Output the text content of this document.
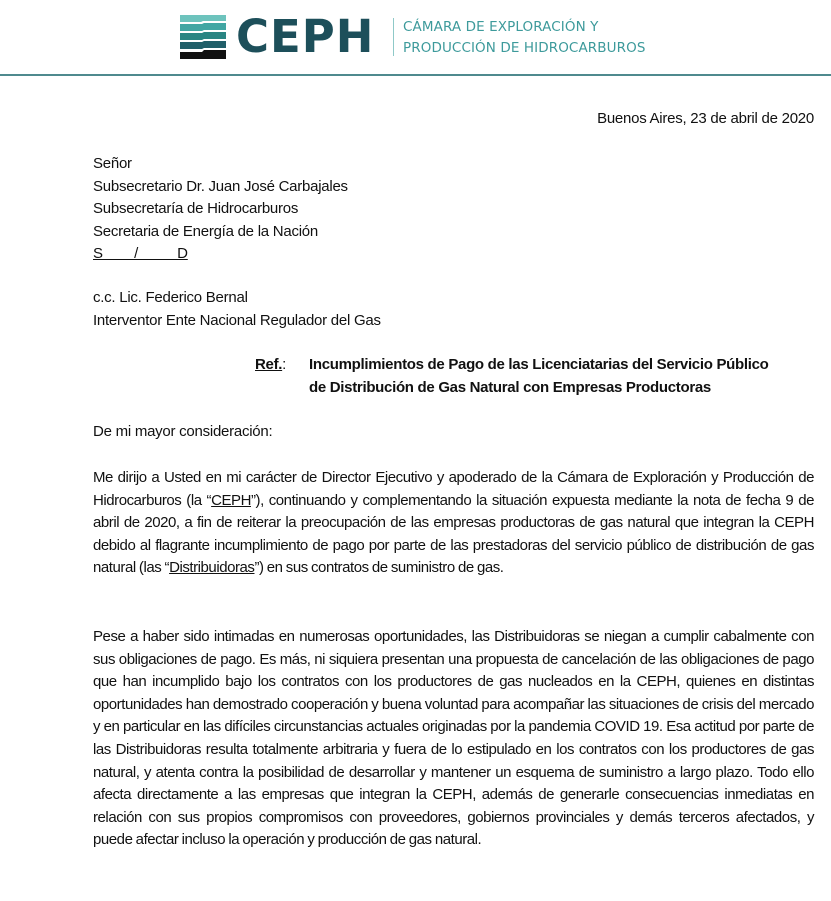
CEPH CÁMARA DE EXPLORACIÓN Y
PRODUCCIÓN DE HIDROCARBUROS
Buenos Aires, 23 de abril de 2020
Señor
Subsecretario Dr. Juan José Carbajales
Subsecretaría de Hidrocarburos
Secretaria de Energía de la Nación
S        /          D
c.c. Lic. Federico Bernal
Interventor Ente Nacional Regulador del Gas
Ref.: Incumplimientos de Pago de las Licenciatarias del Servicio Público
de Distribución de Gas Natural con Empresas Productoras
De mi mayor consideración:
Me dirijo a Usted en mi carácter de Director Ejecutivo y apoderado de la Cámara de Exploración y Producción de Hidrocarburos (la “CEPH”), continuando y complementando la situación expuesta mediante la nota de fecha 9 de abril de 2020, a fin de reiterar la preocupación de las empresas productoras de gas natural que integran la CEPH debido al flagrante incumplimiento de pago por parte de las prestadoras del servicio público de distribución de gas natural (las “Distribuidoras”) en sus contratos de suministro de gas.
Pese a haber sido intimadas en numerosas oportunidades, las Distribuidoras se niegan a cumplir cabalmente con sus obligaciones de pago. Es más, ni siquiera presentan una propuesta de cancelación de las obligaciones de pago que han incumplido bajo los contratos con los productores de gas nucleados en la CEPH, quienes en distintas oportunidades han demostrado cooperación y buena voluntad para acompañar las situaciones de crisis del mercado y en particular en las difíciles circunstancias actuales originadas por la pandemia COVID 19. Esa actitud por parte de las Distribuidoras resulta totalmente arbitraria y fuera de lo estipulado en los contratos con los productores de gas natural, y atenta contra la posibilidad de desarrollar y mantener un esquema de suministro a largo plazo. Todo ello afecta directamente a las empresas que integran la CEPH, además de generarle consecuencias inmediatas en relación con sus propios compromisos con proveedores, gobiernos provinciales y demás terceros afectados, y puede afectar incluso la operación y producción de gas natural.
